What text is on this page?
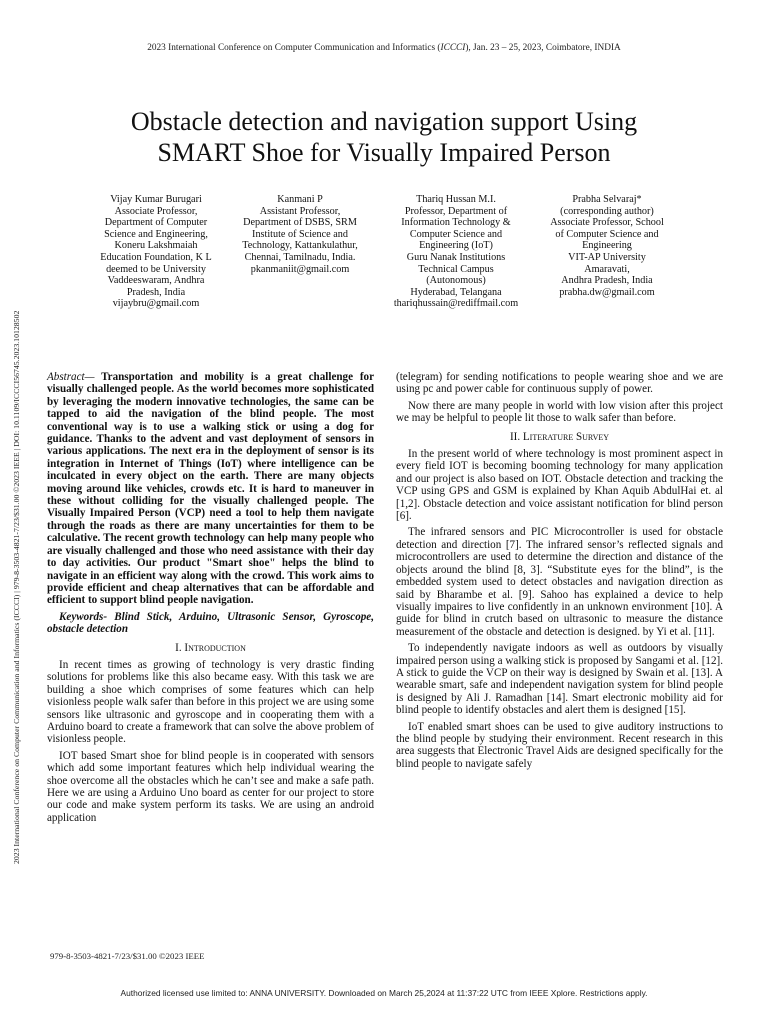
2023 International Conference on Computer Communication and Informatics (ICCCI), Jan. 23 – 25, 2023, Coimbatore, INDIA
2023 International Conference on Computer Communication and Informatics (ICCCI) | 979-8-3503-4821-7/23/$31.00 ©2023 IEEE | DOI: 10.1109/ICCCI56745.2023.10128502
Obstacle detection and navigation support Using
SMART Shoe for Visually Impaired Person
Vijay Kumar Burugari
Associate Professor,
Department of Computer
Science and Engineering,
Koneru Lakshmaiah
Education Foundation, K L
deemed to be University
Vaddeeswaram, Andhra
Pradesh, India
vijaybru@gmail.com
Kanmani P
Assistant Professor,
Department of DSBS, SRM
Institute of Science and
Technology, Kattankulathur,
Chennai, Tamilnadu, India.
pkanmaniit@gmail.com
Thariq Hussan M.I.
Professor, Department of
Information Technology &
Computer Science and
Engineering (IoT)
Guru Nanak Institutions
Technical Campus
(Autonomous)
Hyderabad, Telangana
thariqhussain@rediffmail.com
Prabha Selvaraj*
(corresponding author)
Associate Professor, School
of Computer Science and
Engineering
VIT-AP University
Amaravati,
Andhra Pradesh, India
prabha.dw@gmail.com

Abstract— Transportation and mobility is a great challenge for visually challenged people. As the world becomes more sophisticated by leveraging the modern innovative technologies, the same can be tapped to aid the navigation of the blind people. The most conventional way is to use a walking stick or using a dog for guidance. Thanks to the advent and vast deployment of sensors in various applications. The next era in the deployment of sensor is its integration in Internet of Things (IoT) where intelligence can be inculcated in every object on the earth. There are many objects moving around like vehicles, crowds etc. It is hard to maneuver in these without colliding for the visually challenged people. The Visually Impaired Person (VCP) need a tool to help them navigate through the roads as there are many uncertainties for them to be calculative. The recent growth technology can help many people who are visually challenged and those who need assistance with their day to day activities. Our product "Smart shoe" helps the blind to navigate in an efficient way along with the crowd. This work aims to provide efficient and cheap alternatives that can be affordable and efficient to support blind people navigation.

Keywords- Blind Stick, Arduino, Ultrasonic Sensor, Gyroscope, obstacle detection

I. Introduction

In recent times as growing of technology is very drastic finding solutions for problems like this also became easy. With this task we are building a shoe which comprises of some features which can help visionless people walk safer than before in this project we are using some sensors like ultrasonic and gyroscope and in cooperating them with a Arduino board to create a framework that can solve the above problem of visionless people.

IOT based Smart shoe for blind people is in cooperated with sensors which add some important features which help individual wearing the shoe overcome all the obstacles which he can’t see and make a safe path. Here we are using a Arduino Uno board as center for our project to store our code and make system perform its tasks. We are using an android application

(telegram) for sending notifications to people wearing shoe and we are using pc and power cable for continuous supply of power.

Now there are many people in world with low vision after this project we may be helpful to people lit those to walk safer than before.

II. Literature Survey

In the present world of where technology is most prominent aspect in every field IOT is becoming booming technology for many application and our project is also based on IOT. Obstacle detection and tracking the VCP using GPS and GSM is explained by Khan Aquib AbdulHai et. al [1,2]. Obstacle detection and voice assistant notification for blind person [6].

The infrared sensors and PIC Microcontroller is used for obstacle detection and direction [7]. The infrared sensor’s reflected signals and microcontrollers are used to determine the direction and distance of the objects around the blind [8, 3]. “Substitute eyes for the blind”, is the embedded system used to detect obstacles and navigation direction as said by Bharambe et al. [9]. Sahoo has explained a device to help visually impaires to live confidently in an unknown environment [10]. A guide for blind in crutch based on ultrasonic to measure the distance measurement of the obstacle and detection is designed. by Yi et al. [11].

To independently navigate indoors as well as outdoors by visually impaired person using a walking stick is proposed by Sangami et al. [12]. A stick to guide the VCP on their way is designed by Swain et al. [13]. A wearable smart, safe and independent navigation system for blind people is designed by Ali J. Ramadhan [14]. Smart electronic mobility aid for blind people to identify obstacles and alert them is designed [15].

IoT enabled smart shoes can be used to give auditory instructions to the blind people by studying their environment. Recent research in this area suggests that Electronic Travel Aids are designed specifically for the blind people to navigate safely

979-8-3503-4821-7/23/$31.00 ©2023 IEEE
Authorized licensed use limited to: ANNA UNIVERSITY. Downloaded on March 25,2024 at 11:37:22 UTC from IEEE Xplore. Restrictions apply.
